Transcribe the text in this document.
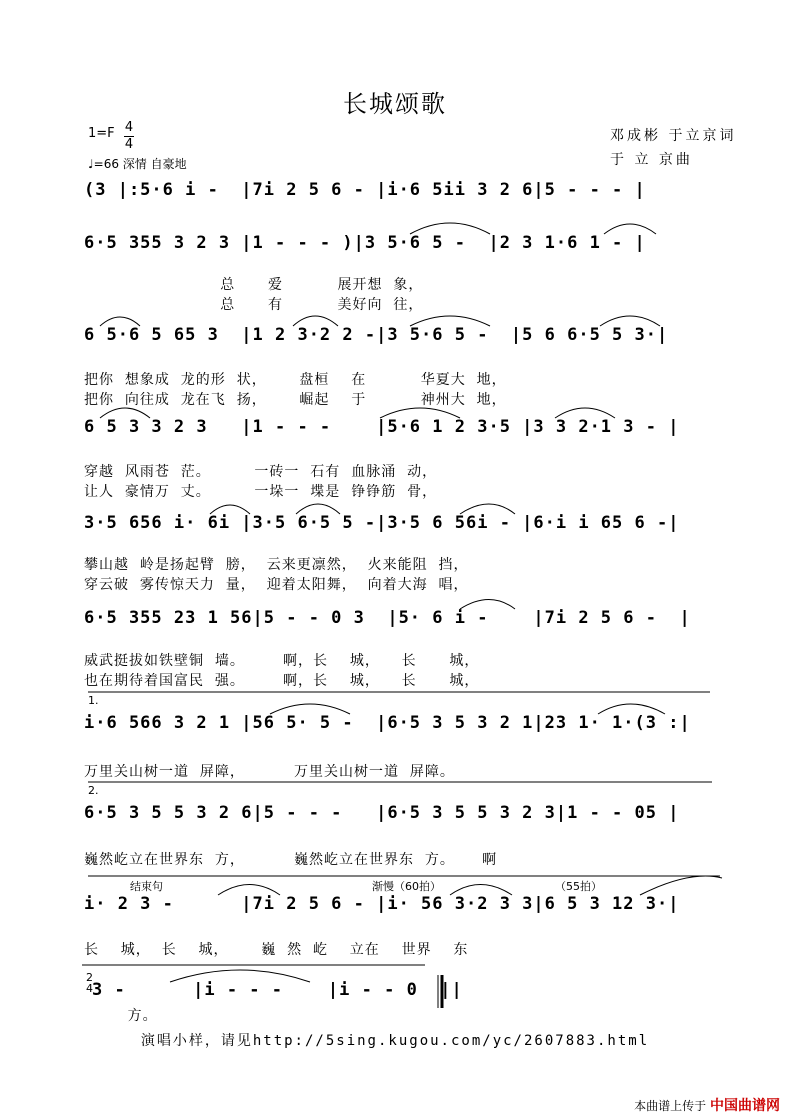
长城颂歌
1=F 4
4
♩=66 深情 自豪地
邓成彬 于立京词
于 立 京曲
(3 |:5·6 i -  |7i 2 5 6 - |i·6 5ii 3 2 6|5 - - - |
6·5 355 3 2 3 |1 - - - )|3 5·6 5 -  |2 3 1·6 1 - |
6 5·6 5 65 3  |1 2 3·2 2 -|3 5·6 5 -  |5 6 6·5 5 3·|
6 5 3 3 2 3   |1 - - -    |5·6 1 2 3·5 |3 3 2·1 3 - |
3·5 656 i· 6i |3·5 6·5 5 -|3·5 6 56i - |6·i i 65 6 -|
6·5 355 23 1 56|5 - - 0 3  |5· 6 i -    |7i 2 5 6 -  |
i·6 566 3 2 1 |56 5· 5 -  |6·5 3 5 3 2 1|23 1· 1·(3 :|
6·5 3 5 5 3 2 6|5 - - -   |6·5 3 5 5 3 2 3|1 - - 05 |
i· 2 3 -      |7i 2 5 6 - |i· 56 3·2 3 3|6 5 3 12 3·|
3 -      |i - - -    |i - - 0  ||
总      爱          展开想  象，
总      有          美好向  往，
把你  想象成  龙的形  状，      盘桓    在          华夏大  地，
把你  向往成  龙在飞  扬，      崛起    于          神州大  地，
穿越  风雨苍  茫。        一砖一  石有  血脉涌  动，
让人  豪情万  丈。        一垛一  堞是  铮铮筋  骨，
攀山越  岭是扬起臂  膀，  云来更凛然，  火来能阻  挡，
穿云破  雾传惊天力  量，  迎着太阳舞，  向着大海  唱，
威武挺拔如铁壁铜  墙。       啊，长    城，    长      城，
也在期待着国富民  强。       啊，长    城，    长      城，
万里关山树一道  屏障，         万里关山树一道  屏障。
巍然屹立在世界东  方，         巍然屹立在世界东  方。     啊
长    城，  长    城，      巍  然  屹    立在    世界    东
方。
1.
2.
结束句	渐慢（60拍）	（55拍）
2
4
演唱小样，请见http://5sing.kugou.com/yc/2607883.html
本曲谱上传于 中国曲谱网
